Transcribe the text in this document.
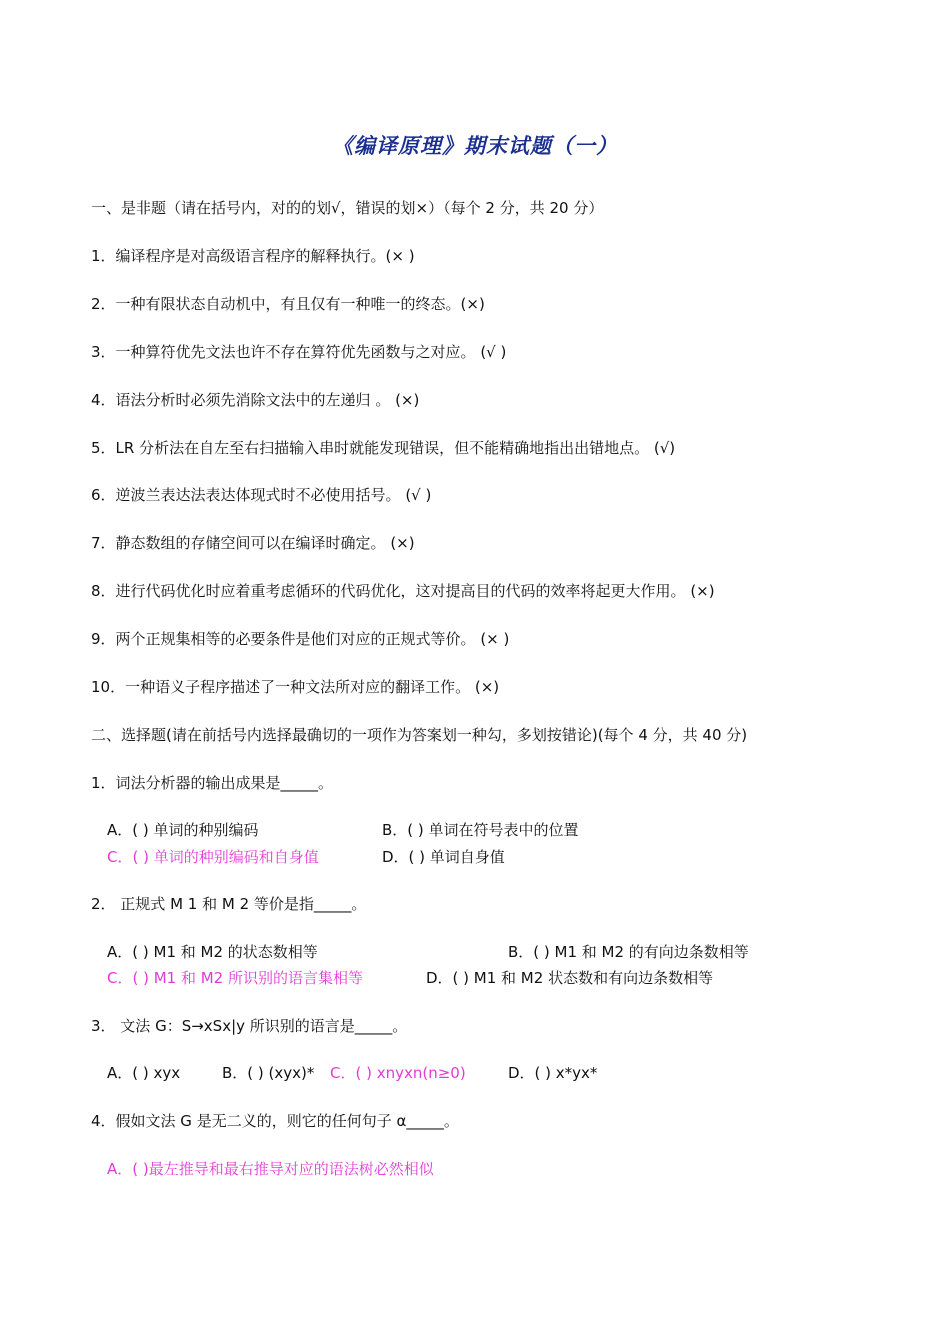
《编译原理》期末试题（一）
一、是非题（请在括号内，对的的划√，错误的划×）（每个 2 分，共 20 分）
1．编译程序是对高级语言程序的解释执行。(× )
2．一种有限状态自动机中，有且仅有一种唯一的终态。(×)
3．一种算符优先文法也许不存在算符优先函数与之对应。 (√ )
4．语法分析时必须先消除文法中的左递归 。 (×)
5．LR 分析法在自左至右扫描输入串时就能发现错误，但不能精确地指出出错地点。 (√)
6．逆波兰表达法表达体现式时不必使用括号。 (√ )
7．静态数组的存储空间可以在编译时确定。 (×)
8．进行代码优化时应着重考虑循环的代码优化，这对提高目的代码的效率将起更大作用。 (×)
9．两个正规集相等的必要条件是他们对应的正规式等价。 (× )
10．一种语义子程序描述了一种文法所对应的翻译工作。 (×)
二、选择题(请在前括号内选择最确切的一项作为答案划一种勾，多划按错论)(每个 4 分，共 40 分)
1．词法分析器的输出成果是_____。
A．( ) 单词的种别编码	B．( ) 单词在符号表中的位置
C．( ) 单词的种别编码和自身值	D．( ) 单词自身值
2． 正规式 M 1 和 M 2 等价是指_____。
A．( ) M1 和 M2 的状态数相等	B．( ) M1 和 M2 的有向边条数相等
C．( ) M1 和 M2 所识别的语言集相等	D．( ) M1 和 M2 状态数和有向边条数相等
3． 文法 G：S→xSx|y 所识别的语言是_____。
A．( ) xyx	B．( ) (xyx)* C．( ) xnyxn(n≥0)	D．( ) x*yx*
4．假如文法 G 是无二义的，则它的任何句子 α_____。
A．( )最左推导和最右推导对应的语法树必然相似
